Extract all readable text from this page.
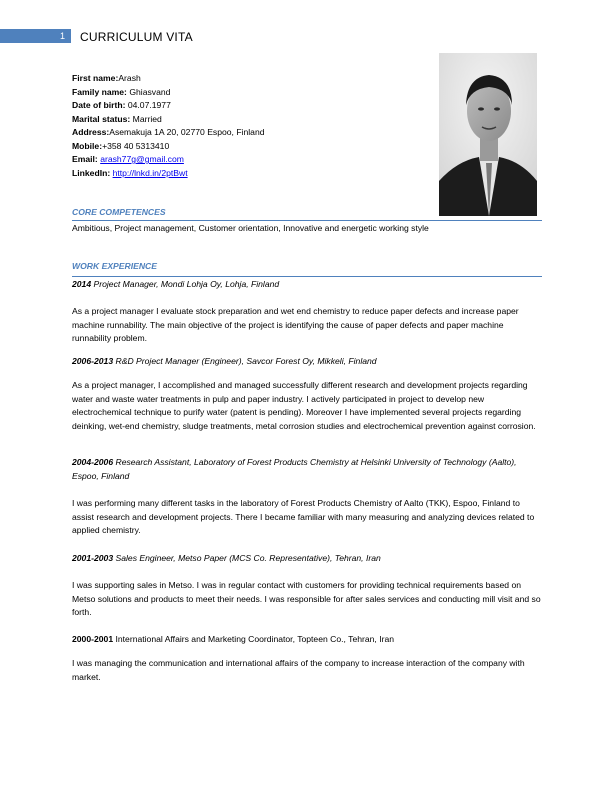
1	CURRICULUM VITA
First name:Arash
Family name: Ghiasvand
Date of birth: 04.07.1977
Marital status: Married
Address:Asemakuja 1A 20, 02770 Espoo, Finland
Mobile:+358 40 5313410
Email: arash77g@gmail.com
LinkedIn: http://lnkd.in/2ptBwt
CORE COMPETENCES
Ambitious, Project management, Customer orientation, Innovative and energetic working style
WORK EXPERIENCE
2014 Project Manager, Mondi Lohja Oy, Lohja, Finland
As a project manager I evaluate stock preparation and wet end chemistry to reduce paper defects and increase paper machine runnability. The main objective of the project is identifying the cause of paper defects and paper machine runnability problem.
2006-2013 R&D Project Manager (Engineer), Savcor Forest Oy, Mikkeli, Finland
As a project manager, I accomplished and managed successfully different research and development projects regarding water and waste water treatments in pulp and paper industry. I actively participated in project to develop new electrochemical technique to purify water (patent is pending). Moreover I have implemented several projects regarding deinking, wet-end chemistry, sludge treatments, metal corrosion studies and electrochemical prevention against corrosion.
2004-2006 Research Assistant, Laboratory of Forest Products Chemistry at Helsinki University of Technology (Aalto), Espoo, Finland
I was performing many different tasks in the laboratory of Forest Products Chemistry of Aalto (TKK), Espoo, Finland to assist research and development projects. There I became familiar with many measuring and analyzing devices related to applied chemistry.
2001-2003 Sales Engineer, Metso Paper (MCS Co. Representative), Tehran, Iran
I was supporting sales in Metso. I was in regular contact with customers for providing technical requirements based on Metso solutions and products to meet their needs. I was responsible for after sales services and conducting mill visit and so forth.
2000-2001 International Affairs and Marketing Coordinator, Topteen Co., Tehran, Iran
I was managing the communication and international affairs of the company to increase interaction of the company with market.
